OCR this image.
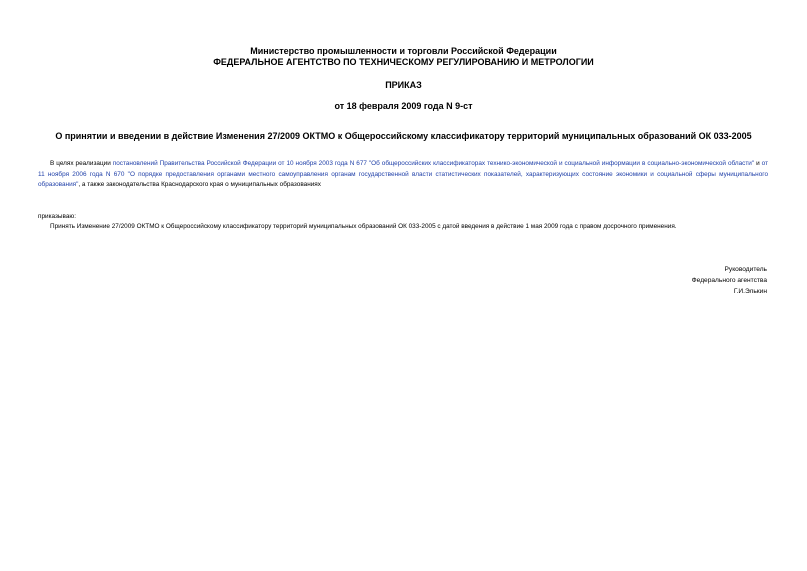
Министерство промышленности и торговли Российской Федерации
ФЕДЕРАЛЬНОЕ АГЕНТСТВО ПО ТЕХНИЧЕСКОМУ РЕГУЛИРОВАНИЮ И МЕТРОЛОГИИ
ПРИКАЗ
от 18 февраля 2009 года N 9-ст
О принятии и введении в действие Изменения 27/2009 ОКТМО к Общероссийскому классификатору территорий муниципальных образований ОК 033-2005
В целях реализации постановлений Правительства Российской Федерации от 10 ноября 2003 года N 677 "Об общероссийских классификаторах технико-экономической и социальной информации в социально-экономической области" и от 11 ноября 2006 года N 670 "О порядке предоставления органами местного самоуправления органам государственной власти статистических показателей, характеризующих состояние экономики и социальной сферы муниципального образования", а также законодательства Краснодарского края о муниципальных образованиях
приказываю:
Принять Изменение 27/2009 ОКТМО к Общероссийскому классификатору территорий муниципальных образований ОК 033-2005 с датой введения в действие 1 мая 2009 года с правом досрочного применения.
Руководитель
Федерального агентства
Г.И.Элькин
